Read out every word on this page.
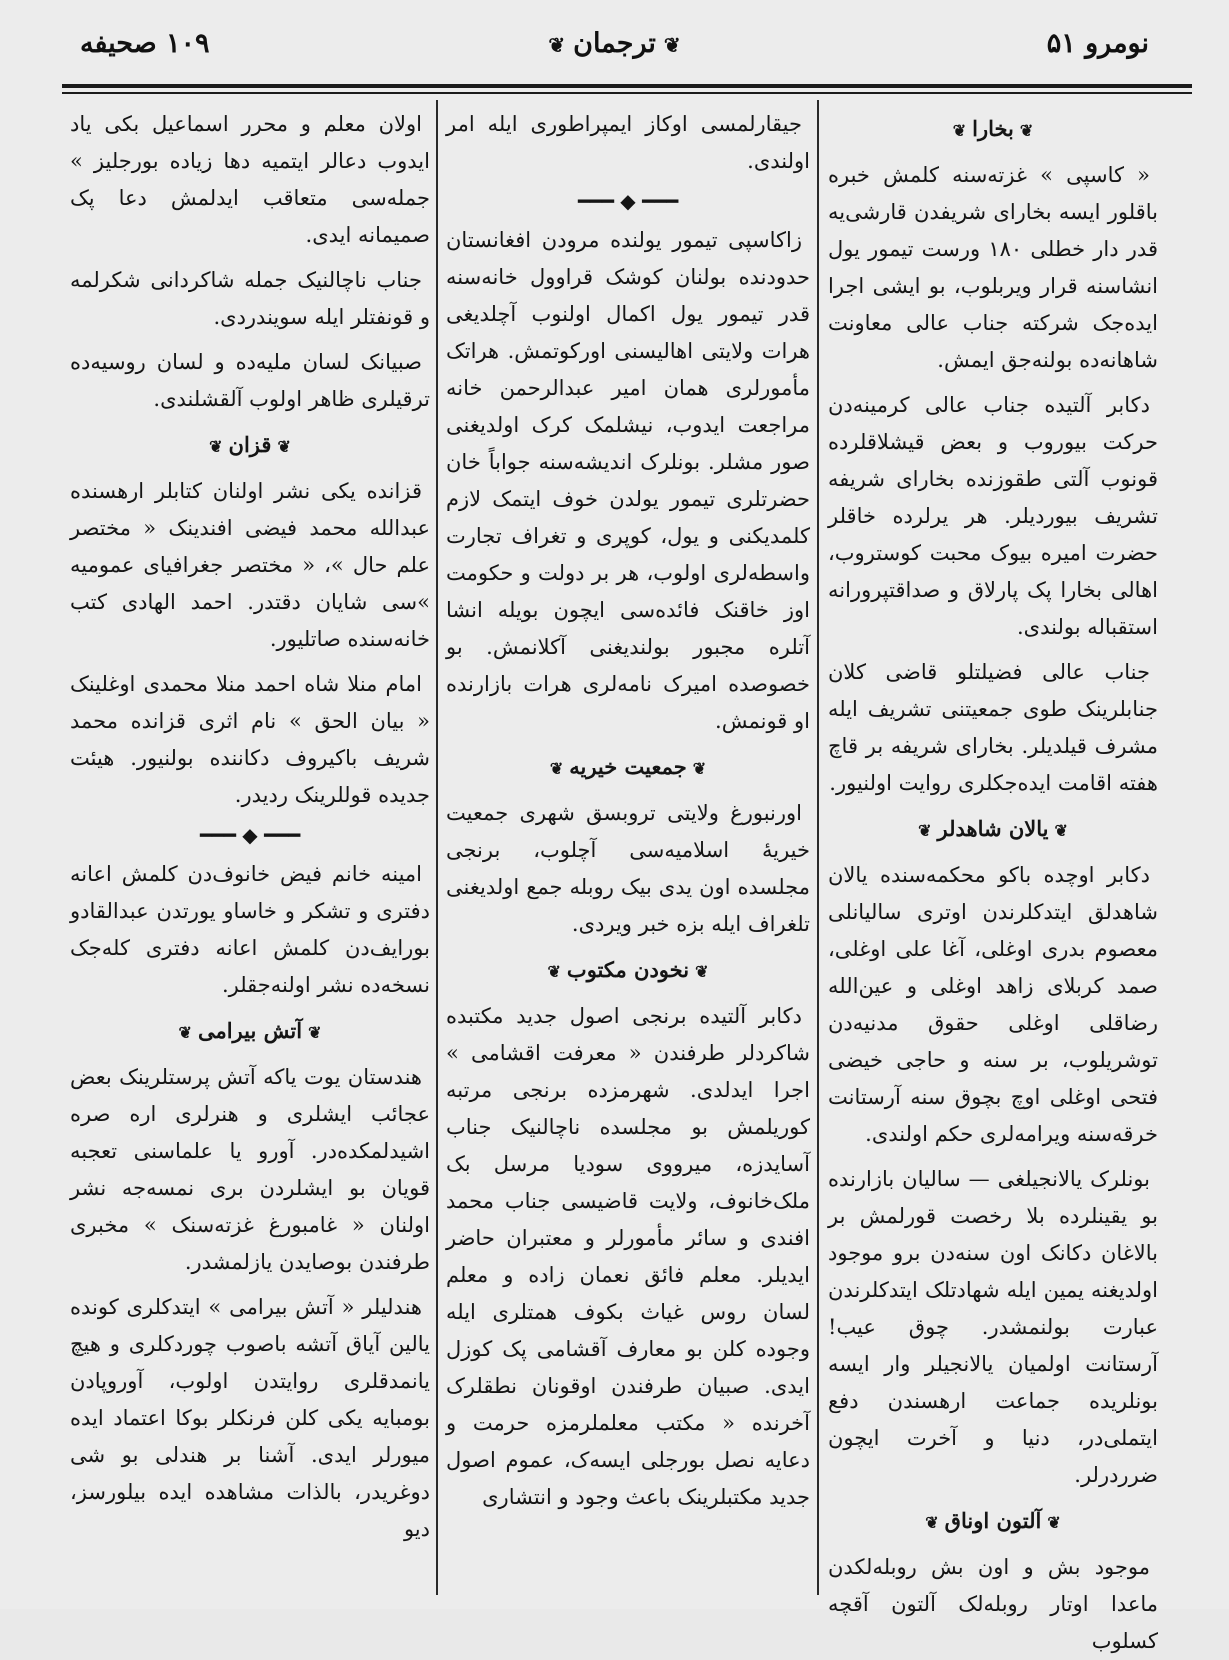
۱۰۹ صحیفه	❦ترجمان❦	نومرو ۵۱
❦بخارا❦

« کاسپی » غزته‌سنه کلمش خبره باقلور ایسه بخارای شریفدن قارشی‌یه قدر دار خطلی ۱۸۰ ورست تیمور یول انشاسنه قرار ویربلوب، بو ایشی اجرا ایده‌جک شرکته جناب عالی معاونت شاهانه‌ده بولنه‌جق ایمش.

دکابر آلتیده جناب عالی کرمینه‌دن حرکت بیوروب و بعض قیشلاقلرده قونوب آلتی طقوزنده بخارای شریفه تشریف بیوردیلر. هر یرلرده خاقلر حضرت امیره بیوک محبت کوستروب، اهالی بخارا پک پارلاق و صداقتپرورانه استقباله بولندی.

جناب عالی فضیلتلو قاضی کلان جنابلرینک طوی جمعیتنی تشریف ایله مشرف قیلدیلر. بخارای شریفه بر قاچ هفته اقامت ایده‌جکلری روایت اولنیور.

❦یالان شاهدلر❦

دکابر اوچده باکو محکمه‌سنده یالان شاهدلق ایتدکلرندن اوتری سالیانلی معصوم بدری اوغلی، آغا علی اوغلی، صمد کربلای زاهد اوغلی و عین‌الله رضاقلی اوغلی حقوق مدنیه‌دن توشریلوب، بر سنه و حاجی خیضی فتحی اوغلی اوچ بچوق سنه آرستانت خرقه‌سنه ویرامه‌لری حکم اولندی.

بونلرک یالانجیلغی — سالیان بازارنده بو یقینلرده بلا رخصت قورلمش بر بالاغان دکانک اون سنه‌دن برو موجود اولدیغنه یمین ایله شهادتلک ایتدکلرندن عبارت بولنمشدر. چوق عیب! آرستانت اولمیان یالانجیلر وار ایسه بونلریده جماعت ارهسندن دفع ایتملی‌در، دنیا و آخرت ایچون ضرردرلر.

❦آلتون اوناق❦

موجود بش و اون بش روبله‌لکدن ماعدا اوتار روبله‌لک آلتون آقچه کسلوب

جیقارلمسی اوکاز ایمپراطوری ایله امر اولندی.

━━━ ◆ ━━━

زاکاسپی تیمور یولنده مرودن افغانستان حدودنده بولنان کوشک قراوول خانه‌سنه قدر تیمور یول اکمال اولنوب آچلدیغی هرات ولایتی اهالیسنی اورکوتمش. هراتک مأمورلری همان امیر عبدالرحمن خانه مراجعت ایدوب، نیشلمک کرک اولدیغنی صور مشلر. بونلرک اندیشه‌سنه جواباً خان حضرتلری تیمور یولدن خوف ایتمک لازم کلمدیکنی و یول، کوپری و تغراف تجارت واسطه‌لری اولوب، هر بر دولت و حکومت اوز خاقنک فائده‌سی ایچون بویله انشا آتلره مجبور بولندیغنی آکلانمش. بو خصوصده امیرک نامه‌لری هرات بازارنده او قونمش.

❦جمعیت خیریه❦

اورنبورغ ولایتی تروبسق شهری جمعیت خیریهٔ اسلامیه‌سی آچلوب، برنجی مجلسده اون یدی بیک روبله جمع اولدیغنی تلغراف ایله بزه خبر ویردی.

❦نخودن مکتوب❦

دکابر آلتیده برنجی اصول جدید مکتبده شاکردلر طرفندن « معرفت اقشامی » اجرا ایدلدی. شهرمزده برنجی مرتبه کوریلمش بو مجلسده ناچالنیک جناب آسایدزه، میرووی سودیا مرسل بک ملک‌خانوف، ولایت قاضیسی جناب محمد افندی و سائر مأمورلر و معتبران حاضر ایدیلر. معلم فائق نعمان زاده و معلم لسان روس غیاث بکوف همتلری ایله وجوده کلن بو معارف آقشامی پک کوزل ایدی. صبیان طرفندن اوقونان نطقلرک آخرنده « مکتب معلملرمزه حرمت و دعایه نصل بورجلی ایسه‌ک، عموم اصول جدید مکتبلرینک باعث وجود و انتشاری

اولان معلم و محرر اسماعیل بکی یاد ایدوب دعالر ایتمیه دها زیاده بورجلیز » جمله‌سی متعاقب ایدلمش دعا پک صمیمانه ایدی.

جناب ناچالنیک جمله شاکردانی شکرلمه و قونفتلر ایله سویندردی.

صبیانک لسان ملیه‌ده و لسان روسیه‌ده ترقیلری ظاهر اولوب آلقشلندی.

❦قزان❦

قزانده یکی نشر اولنان کتابلر ارهسنده عبدالله محمد فیضی افندینک « مختصر علم حال »، « مختصر جغرافیای عمومیه »سی شایان دقتدر. احمد الهادی کتب خانه‌سنده صاتلیور.

امام منلا شاه احمد منلا محمدی اوغلینک « بیان الحق » نام اثری قزانده محمد شریف باکیروف دکاننده بولنیور. هیئت جدیده قوللرینک ردیدر.

━━━ ◆ ━━━

امینه خانم فیض خانوف‌دن کلمش اعانه دفتری و تشکر و خاساو یورتدن عبدالقادو بورایف‌دن کلمش اعانه دفتری کله‌جک نسخه‌ده نشر اولنه‌جقلر.

❦آتش بیرامی❦

هندستان یوت یاکه آتش پرستلرینک بعض عجائب ایشلری و هنرلری اره صره اشیدلمکده‌در. آورو یا علماسنی تعجبه قویان بو ایشلردن بری نمسه‌جه نشر اولنان « غامبورغ غزته‌سنک » مخبری طرفندن بوصایدن یازلمشدر.

هندلیلر « آتش بیرامی » ایتدکلری کونده یالین آیاق آتشه باصوب چوردکلری و هیچ یانمدقلری روایتدن اولوب، آوروپادن بومبایه یکی کلن فرنکلر بوکا اعتماد ایده میورلر ایدی. آشنا بر هندلی بو شی دوغریدر، بالذات مشاهده ایده بیلورسز، دیو
